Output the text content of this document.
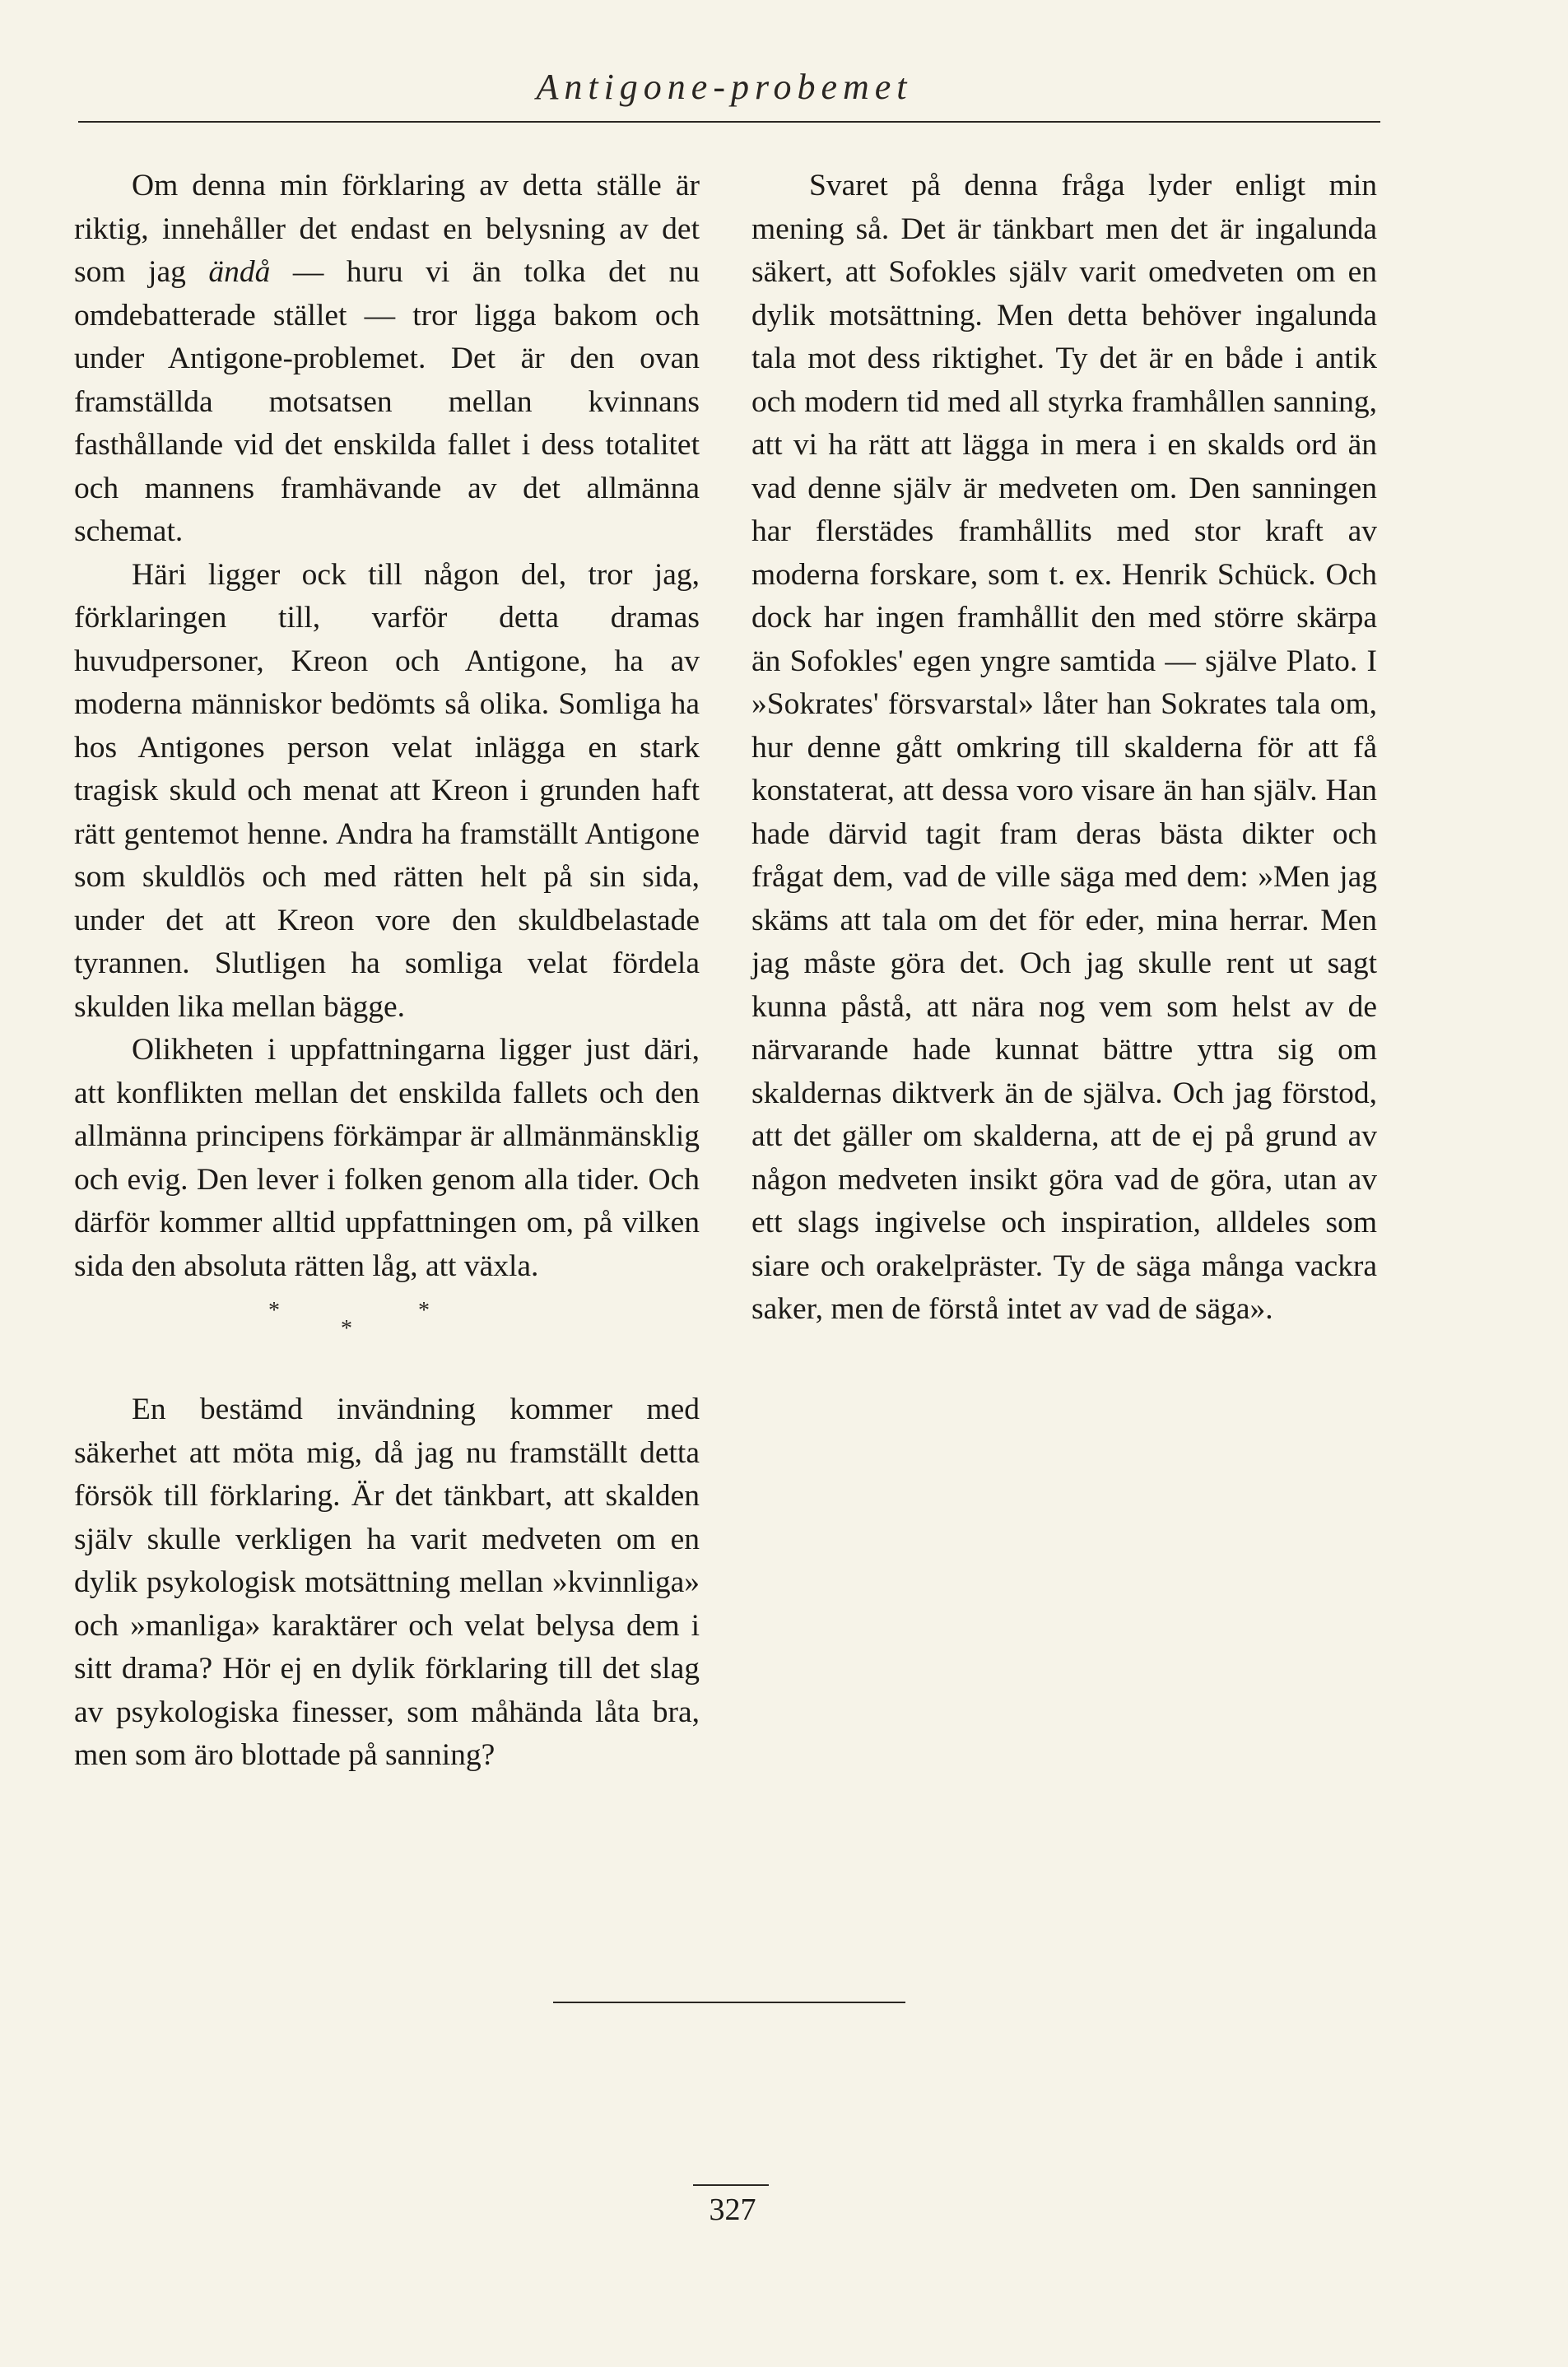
Antigone-probemet

Om denna min förklaring av detta ställe är riktig, innehåller det endast en belysning av det som jag ändå — huru vi än tolka det nu omdebatterade stället — tror ligga bakom och under Antigone-problemet. Det är den ovan framställda motsatsen mellan kvinnans fasthållande vid det enskilda fallet i dess totalitet och mannens framhävande av det allmänna schemat.

Häri ligger ock till någon del, tror jag, förklaringen till, varför detta dramas huvudpersoner, Kreon och Antigone, ha av moderna människor bedömts så olika. Somliga ha hos Antigones person velat inlägga en stark tragisk skuld och menat att Kreon i grunden haft rätt gentemot henne. Andra ha framställt Antigone som skuldlös och med rätten helt på sin sida, under det att Kreon vore den skuldbelastade tyrannen. Slutligen ha somliga velat fördela skulden lika mellan bägge.

Olikheten i uppfattningarna ligger just däri, att konflikten mellan det enskilda fallets och den allmänna principens förkämpar är allmänmänsklig och evig. Den lever i folken genom alla tider. Och därför kommer alltid uppfattningen om, på vilken sida den absoluta rätten låg, att växla.

*
*
*

En bestämd invändning kommer med säkerhet att möta mig, då jag nu framställt detta försök till förklaring. Är det tänkbart, att skalden själv skulle verkligen ha varit medveten om en dylik psykologisk motsättning mellan »kvinnliga» och »manliga» karaktärer och velat belysa dem i sitt drama? Hör ej en dylik förklaring till det slag av psykologiska finesser, som måhända låta bra, men som äro blottade på sanning?

Svaret på denna fråga lyder enligt min mening så. Det är tänkbart men det är ingalunda säkert, att Sofokles själv varit omedveten om en dylik motsättning. Men detta behöver ingalunda tala mot dess riktighet. Ty det är en både i antik och modern tid med all styrka framhållen sanning, att vi ha rätt att lägga in mera i en skalds ord än vad denne själv är medveten om. Den sanningen har flerstädes framhållits med stor kraft av moderna forskare, som t. ex. Henrik Schück. Och dock har ingen framhållit den med större skärpa än Sofokles' egen yngre samtida — själve Plato. I »Sokrates' försvarstal» låter han Sokrates tala om, hur denne gått omkring till skalderna för att få konstaterat, att dessa voro visare än han själv. Han hade därvid tagit fram deras bästa dikter och frågat dem, vad de ville säga med dem: »Men jag skäms att tala om det för eder, mina herrar. Men jag måste göra det. Och jag skulle rent ut sagt kunna påstå, att nära nog vem som helst av de närvarande hade kunnat bättre yttra sig om skaldernas diktverk än de själva. Och jag förstod, att det gäller om skalderna, att de ej på grund av någon medveten insikt göra vad de göra, utan av ett slags ingivelse och inspiration, alldeles som siare och orakelpräster. Ty de säga många vackra saker, men de förstå intet av vad de säga».

327
